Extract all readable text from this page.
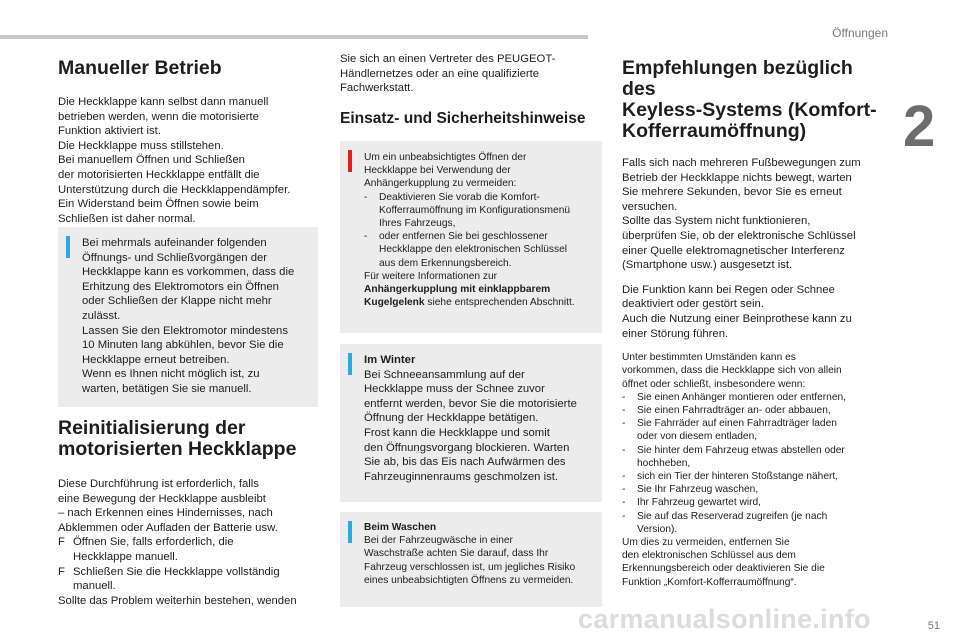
Öffnungen
2
Manueller Betrieb
Die Heckklappe kann selbst dann manuell
betrieben werden, wenn die motorisierte
Funktion aktiviert ist.
Die Heckklappe muss stillstehen.
Bei manuellem Öffnen und Schließen
der motorisierten Heckklappe entfällt die
Unterstützung durch die Heckklappendämpfer.
Ein Widerstand beim Öffnen sowie beim
Schließen ist daher normal.
Bei mehrmals aufeinander folgenden
Öffnungs- und Schließvorgängen der
Heckklappe kann es vorkommen, dass die
Erhitzung des Elektromotors ein Öffnen
oder Schließen der Klappe nicht mehr
zulässt.
Lassen Sie den Elektromotor mindestens
10 Minuten lang abkühlen, bevor Sie die
Heckklappe erneut betreiben.
Wenn es Ihnen nicht möglich ist, zu
warten, betätigen Sie sie manuell.
Reinitialisierung der
motorisierten Heckklappe
Diese Durchführung ist erforderlich, falls
eine Bewegung der Heckklappe ausbleibt
– nach Erkennen eines Hindernisses, nach
Abklemmen oder Aufladen der Batterie usw.
F Öffnen Sie, falls erforderlich, die
Heckklappe manuell.
F Schließen Sie die Heckklappe vollständig
manuell.
Sollte das Problem weiterhin bestehen, wenden
Sie sich an einen Vertreter des PEUGEOT-
Händlernetzes oder an eine qualifizierte
Fachwerkstatt.
Einsatz- und Sicherheitshinweise
Um ein unbeabsichtigtes Öffnen der
Heckklappe bei Verwendung der
Anhängerkupplung zu vermeiden:
-	Deaktivieren Sie vorab die Komfort-
Kofferraumöffnung im Konfigurationsmenü
Ihres Fahrzeugs,
-	oder entfernen Sie bei geschlossener
Heckklappe den elektronischen Schlüssel
aus dem Erkennungsbereich.
Für weitere Informationen zur
Anhängerkupplung mit einklappbarem
Kugelgelenk siehe entsprechenden Abschnitt.
Im Winter
Bei Schneeansammlung auf der
Heckklappe muss der Schnee zuvor
entfernt werden, bevor Sie die motorisierte
Öffnung der Heckklappe betätigen.
Frost kann die Heckklappe und somit
den Öffnungsvorgang blockieren. Warten
Sie ab, bis das Eis nach Aufwärmen des
Fahrzeuginnenraums geschmolzen ist.
Beim Waschen
Bei der Fahrzeugwäsche in einer
Waschstraße achten Sie darauf, dass Ihr
Fahrzeug verschlossen ist, um jegliches Risiko
eines unbeabsichtigten Öffnens zu vermeiden.
Empfehlungen bezüglich des
Keyless-Systems (Komfort-
Kofferraumöffnung)
Falls sich nach mehreren Fußbewegungen zum
Betrieb der Heckklappe nichts bewegt, warten
Sie mehrere Sekunden, bevor Sie es erneut
versuchen.
Sollte das System nicht funktionieren,
überprüfen Sie, ob der elektronische Schlüssel
einer Quelle elektromagnetischer Interferenz
(Smartphone usw.) ausgesetzt ist.
Die Funktion kann bei Regen oder Schnee
deaktiviert oder gestört sein.
Auch die Nutzung einer Beinprothese kann zu
einer Störung führen.
Unter bestimmten Umständen kann es
vorkommen, dass die Heckklappe sich von allein
öffnet oder schließt, insbesondere wenn:
-	Sie einen Anhänger montieren oder entfernen,
-	Sie einen Fahrradträger an- oder abbauen,
-	Sie Fahrräder auf einen Fahrradträger laden
oder von diesem entladen,
-	Sie hinter dem Fahrzeug etwas abstellen oder
hochheben,
-	sich ein Tier der hinteren Stoßstange nähert,
-	Sie Ihr Fahrzeug waschen,
-	Ihr Fahrzeug gewartet wird,
-	Sie auf das Reserverad zugreifen (je nach
Version).
Um dies zu vermeiden, entfernen Sie
den elektronischen Schlüssel aus dem
Erkennungsbereich oder deaktivieren Sie die
Funktion „Komfort-Kofferraumöffnung“.
carmanualsonline.info	51
